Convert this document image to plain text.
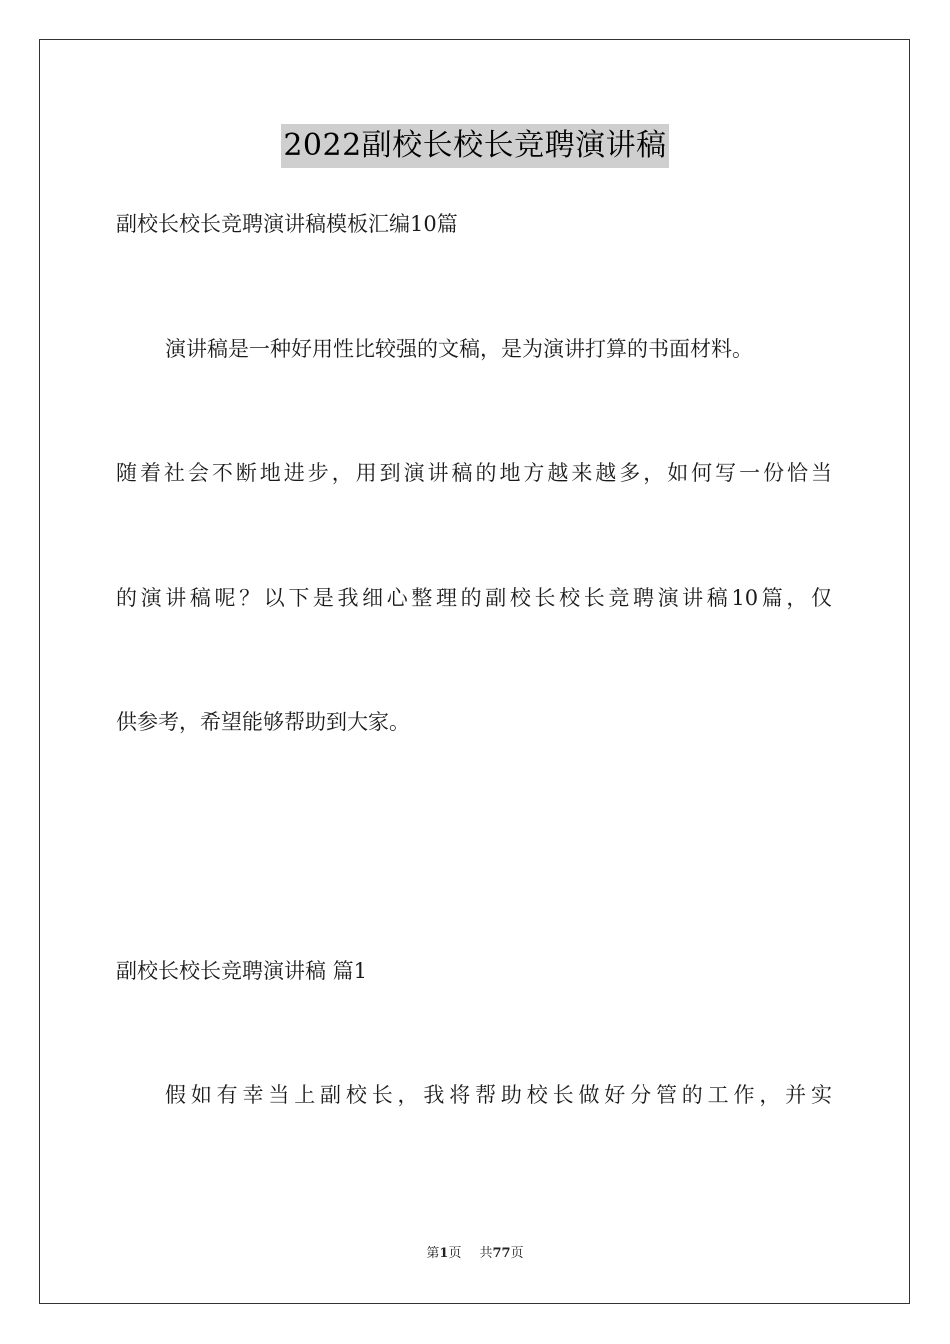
2022副校长校长竞聘演讲稿
副校长校长竞聘演讲稿模板汇编10篇
演讲稿是一种好用性比较强的文稿，是为演讲打算的书面材料。
随着社会不断地进步，用到演讲稿的地方越来越多，如何写一份恰当
的演讲稿呢？以下是我细心整理的副校长校长竞聘演讲稿10篇，仅
供参考，希望能够帮助到大家。
副校长校长竞聘演讲稿 篇1
假如有幸当上副校长，我将帮助校长做好分管的工作，并实
第1页 共77页
